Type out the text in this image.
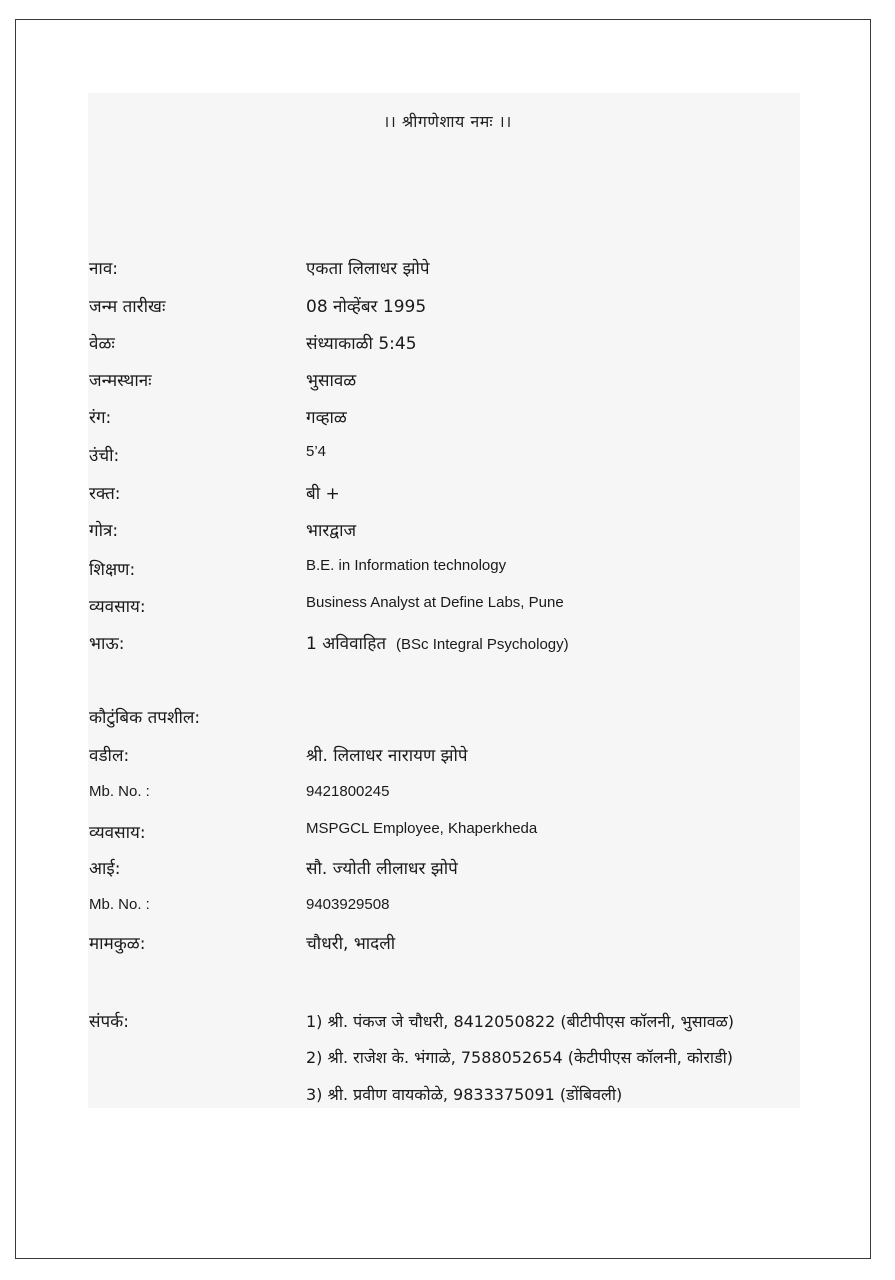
।। श्रीगणेशाय नमः ।।
नाव:	एकता लिलाधर झोपे
जन्म तारीखः	08 नोव्हेंबर 1995
वेळः	संध्याकाळी 5:45
जन्मस्थानः	भुसावळ
रंग:	गव्हाळ
उंची:	5’4
रक्त:	बी +
गोत्र:	भारद्वाज
शिक्षण:	B.E. in Information technology
व्यवसाय:	Business Analyst at Define Labs, Pune
भाऊ:	1 अविवाहित (BSc Integral Psychology)
कौटुंबिक तपशील:
वडील:	श्री. लिलाधर नारायण झोपे
Mb. No. :	9421800245
व्यवसाय:	MSPGCL Employee, Khaperkheda
आई:	सौ. ज्योती लीलाधर झोपे
Mb. No. :	9403929508
मामकुळ:	चौधरी, भादली
संपर्क:	1) श्री. पंकज जे चौधरी, 8412050822 (बीटीपीएस कॉलनी, भुसावळ)
2) श्री. राजेश के. भंगाळे, 7588052654 (केटीपीएस कॉलनी, कोराडी)
3) श्री. प्रवीण वायकोळे, 9833375091 (डोंबिवली)
